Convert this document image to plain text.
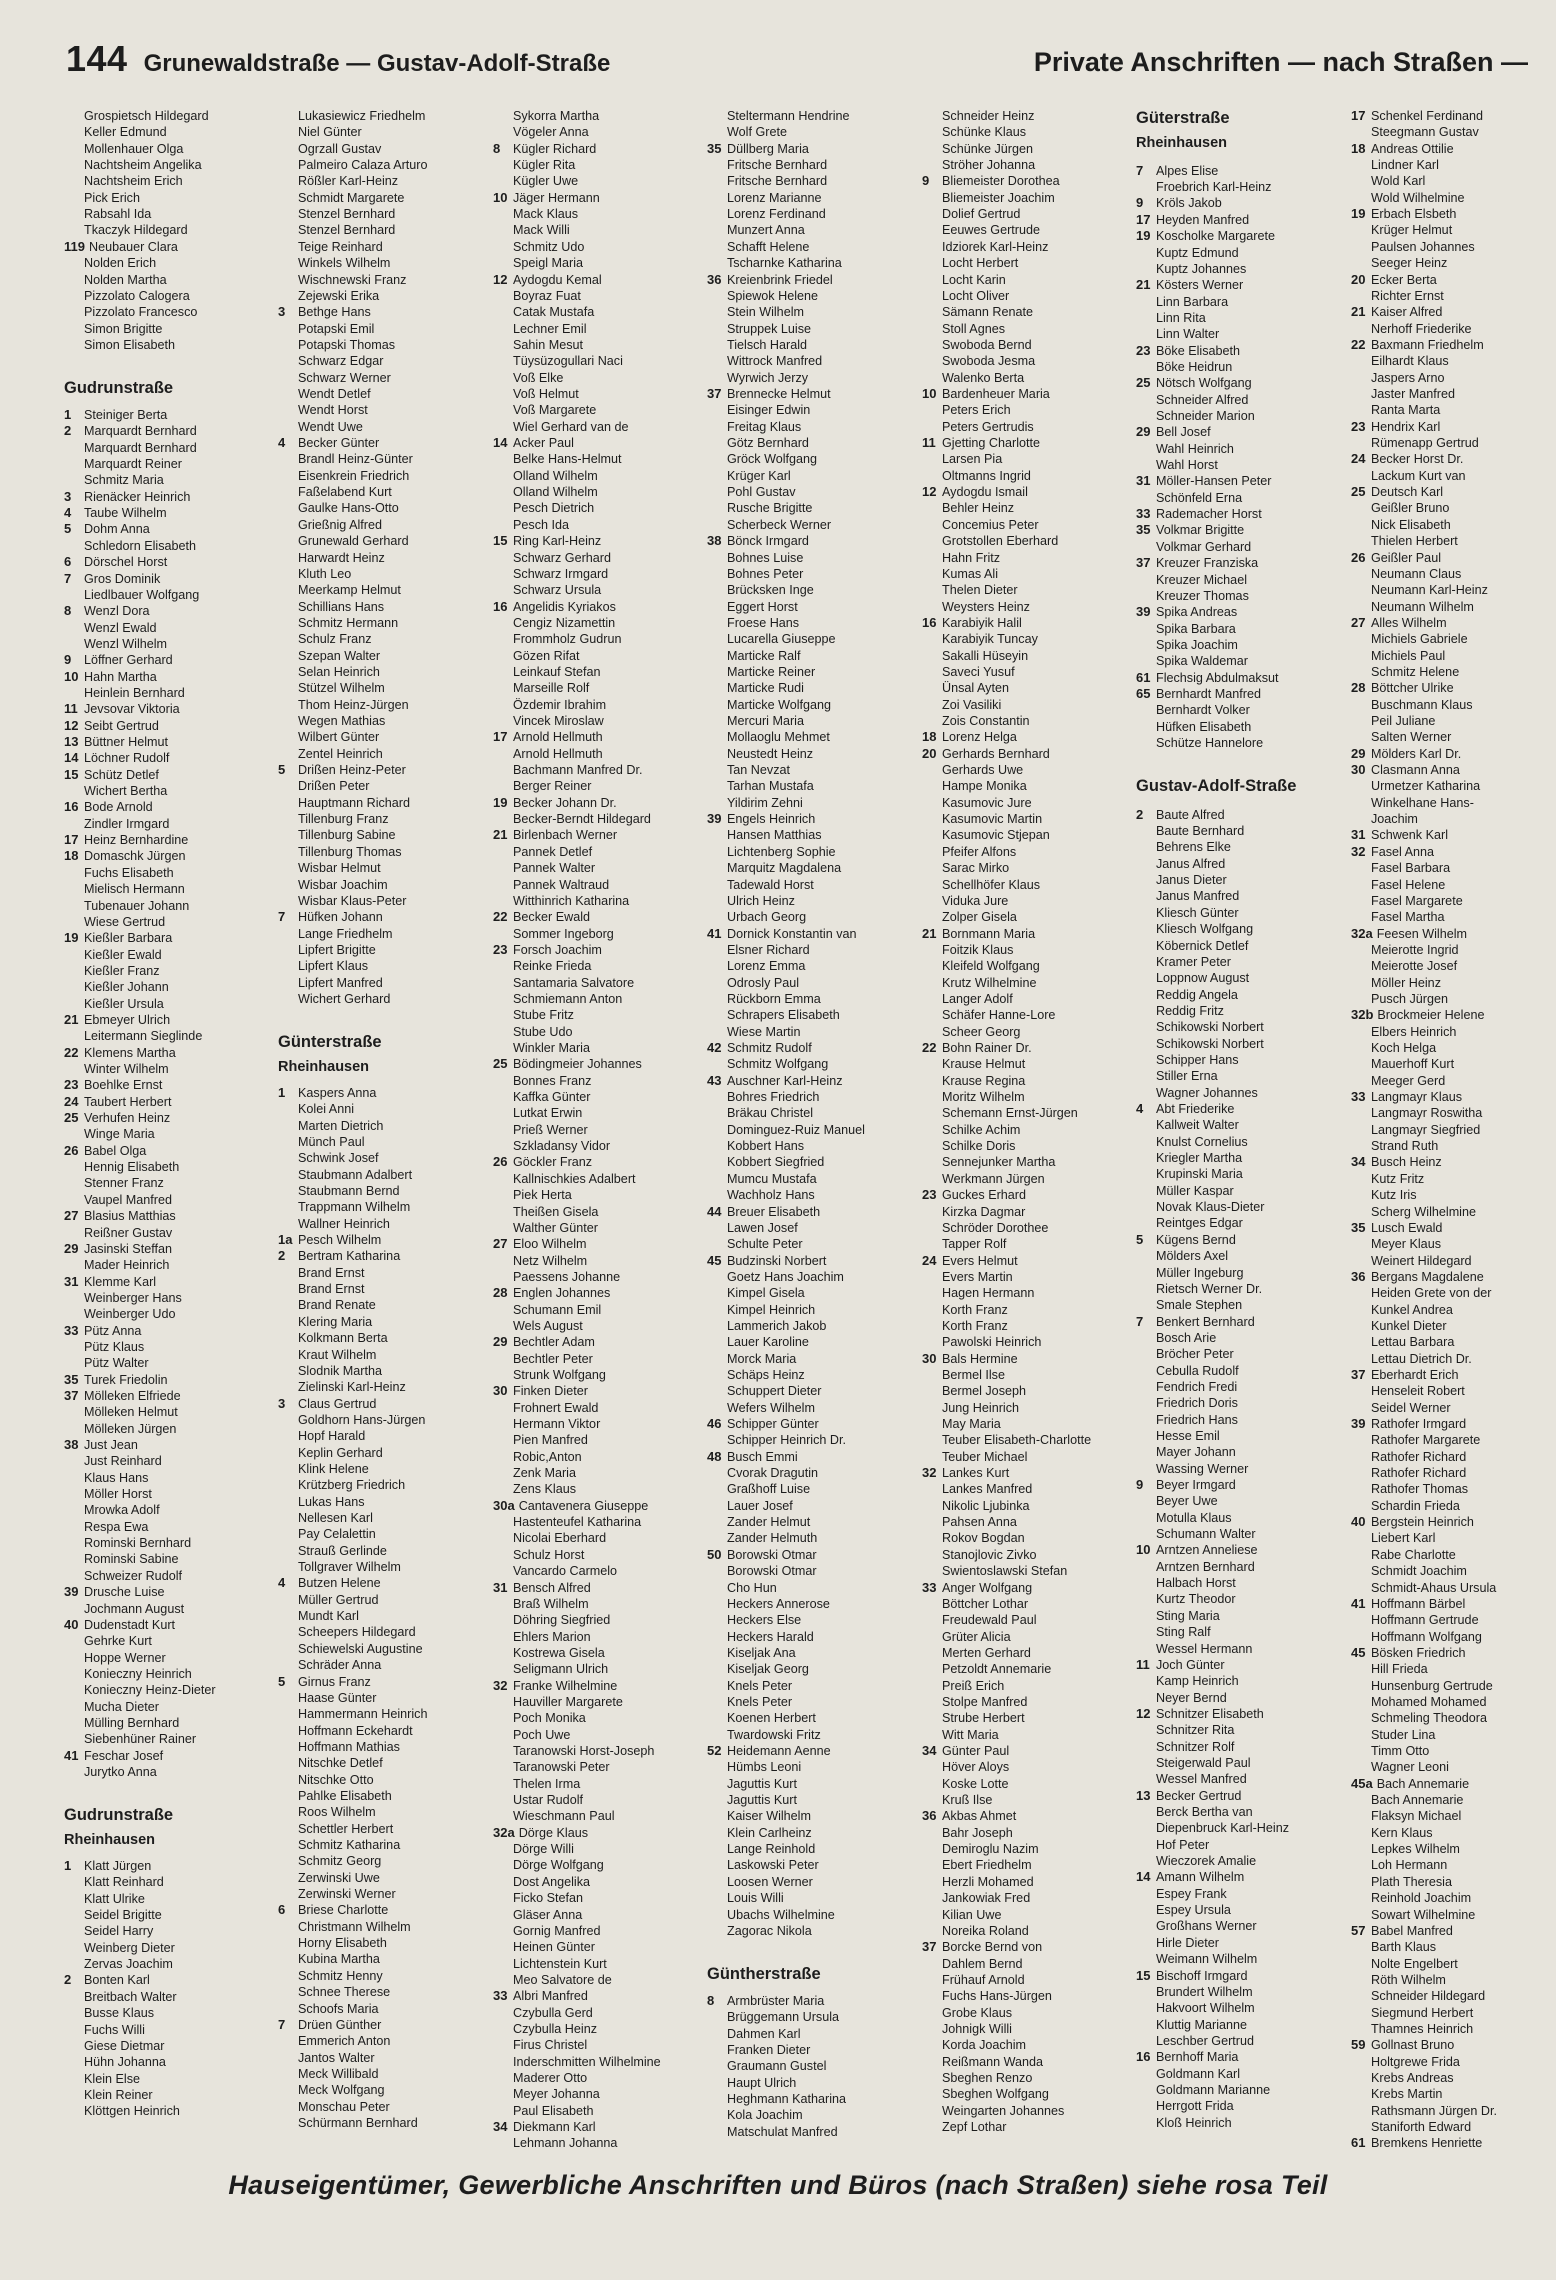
144 Grunewaldstraße — Gustav-Adolf-Straße	Private Anschriften — nach Straßen —
Grospietsch Hildegard
Keller Edmund
Mollenhauer Olga
Nachtsheim Angelika
Nachtsheim Erich
Pick Erich
Rabsahl Ida
Tkaczyk Hildegard
119 Neubauer Clara
Nolden Erich
Nolden Martha
Pizzolato Calogera
Pizzolato Francesco
Simon Brigitte
Simon Elisabeth
Gudrunstraße
1 Steiniger Berta
2 Marquardt Bernhard
Marquardt Bernhard
Marquardt Reiner
Schmitz Maria
3 Rienäcker Heinrich
4 Taube Wilhelm
5 Dohm Anna
Schledorn Elisabeth
6 Dörschel Horst
7 Gros Dominik
Liedlbauer Wolfgang
8 Wenzl Dora
Wenzl Ewald
Wenzl Wilhelm
9 Löffner Gerhard
10 Hahn Martha
Heinlein Bernhard
11 Jevsovar Viktoria
12 Seibt Gertrud
13 Büttner Helmut
14 Löchner Rudolf
15 Schütz Detlef
Wichert Bertha
16 Bode Arnold
Zindler Irmgard
17 Heinz Bernhardine
18 Domaschk Jürgen
Fuchs Elisabeth
Mielisch Hermann
Tubenauer Johann
Wiese Gertrud
19 Kießler Barbara
Kießler Ewald
Kießler Franz
Kießler Johann
Kießler Ursula
21 Ebmeyer Ulrich
Leitermann Sieglinde
22 Klemens Martha
Winter Wilhelm
23 Boehlke Ernst
24 Taubert Herbert
25 Verhufen Heinz
Winge Maria
26 Babel Olga
Hennig Elisabeth
Stenner Franz
Vaupel Manfred
27 Blasius Matthias
Reißner Gustav
29 Jasinski Steffan
Mader Heinrich
31 Klemme Karl
Weinberger Hans
Weinberger Udo
33 Pütz Anna
Pütz Klaus
Pütz Walter
35 Turek Friedolin
37 Mölleken Elfriede
Mölleken Helmut
Mölleken Jürgen
38 Just Jean
Just Reinhard
Klaus Hans
Möller Horst
Mrowka Adolf
Respa Ewa
Rominski Bernhard
Rominski Sabine
Schweizer Rudolf
39 Drusche Luise
Jochmann August
40 Dudenstadt Kurt
Gehrke Kurt
Hoppe Werner
Konieczny Heinrich
Konieczny Heinz-Dieter
Mucha Dieter
Mülling Bernhard
Siebenhüner Rainer
41 Feschar Josef
Jurytko Anna
Gudrunstraße
Rheinhausen
1 Klatt Jürgen
Klatt Reinhard
Klatt Ulrike
Seidel Brigitte
Seidel Harry
Weinberg Dieter
Zervas Joachim
2 Bonten Karl
Breitbach Walter
Busse Klaus
Fuchs Willi
Giese Dietmar
Hühn Johanna
Klein Else
Klein Reiner
Klöttgen Heinrich
Lukasiewicz Friedhelm
Niel Günter
Ogrzall Gustav
Palmeiro Calaza Arturo
Rößler Karl-Heinz
Schmidt Margarete
Stenzel Bernhard
Stenzel Bernhard
Teige Reinhard
Winkels Wilhelm
Wischnewski Franz
Zejewski Erika
3 Bethge Hans
Potapski Emil
Potapski Thomas
Schwarz Edgar
Schwarz Werner
Wendt Detlef
Wendt Horst
Wendt Uwe
4 Becker Günter
Brandl Heinz-Günter
Eisenkrein Friedrich
Faßelabend Kurt
Gaulke Hans-Otto
Grießnig Alfred
Grunewald Gerhard
Harwardt Heinz
Kluth Leo
Meerkamp Helmut
Schillians Hans
Schmitz Hermann
Schulz Franz
Szepan Walter
Selan Heinrich
Stützel Wilhelm
Thom Heinz-Jürgen
Wegen Mathias
Wilbert Günter
Zentel Heinrich
5 Drißen Heinz-Peter
Drißen Peter
Hauptmann Richard
Tillenburg Franz
Tillenburg Sabine
Tillenburg Thomas
Wisbar Helmut
Wisbar Joachim
Wisbar Klaus-Peter
7 Hüfken Johann
Lange Friedhelm
Lipfert Brigitte
Lipfert Klaus
Lipfert Manfred
Wichert Gerhard
Günterstraße
Rheinhausen
1 Kaspers Anna
Kolei Anni
Marten Dietrich
Münch Paul
Schwink Josef
Staubmann Adalbert
Staubmann Bernd
Trappmann Wilhelm
Wallner Heinrich
1a Pesch Wilhelm
2 Bertram Katharina
Brand Ernst
Brand Ernst
Brand Renate
Klering Maria
Kolkmann Berta
Kraut Wilhelm
Slodnik Martha
Zielinski Karl-Heinz
3 Claus Gertrud
Goldhorn Hans-Jürgen
Hopf Harald
Keplin Gerhard
Klink Helene
Krützberg Friedrich
Lukas Hans
Nellesen Karl
Pay Celalettin
Strauß Gerlinde
Tollgraver Wilhelm
4 Butzen Helene
Müller Gertrud
Mundt Karl
Scheepers Hildegard
Schiewelski Augustine
Schräder Anna
5 Girnus Franz
Haase Günter
Hammermann Heinrich
Hoffmann Eckehardt
Hoffmann Mathias
Nitschke Detlef
Nitschke Otto
Pahlke Elisabeth
Roos Wilhelm
Schettler Herbert
Schmitz Katharina
Schmitz Georg
Zerwinski Uwe
Zerwinski Werner
6 Briese Charlotte
Christmann Wilhelm
Horny Elisabeth
Kubina Martha
Schmitz Henny
Schnee Therese
Schoofs Maria
7 Drüen Günther
Emmerich Anton
Jantos Walter
Meck Willibald
Meck Wolfgang
Monschau Peter
Schürmann Bernhard
Sykorra Martha
Vögeler Anna
8 Kügler Richard
Kügler Rita
Kügler Uwe
10 Jäger Hermann
Mack Klaus
Mack Willi
Schmitz Udo
Speigl Maria
12 Aydogdu Kemal
Boyraz Fuat
Catak Mustafa
Lechner Emil
Sahin Mesut
Tüysüzogullari Naci
Voß Elke
Voß Helmut
Voß Margarete
Wiel Gerhard van de
14 Acker Paul
Belke Hans-Helmut
Olland Wilhelm
Olland Wilhelm
Pesch Dietrich
Pesch Ida
15 Ring Karl-Heinz
Schwarz Gerhard
Schwarz Irmgard
Schwarz Ursula
16 Angelidis Kyriakos
Cengiz Nizamettin
Frommholz Gudrun
Gözen Rifat
Leinkauf Stefan
Marseille Rolf
Özdemir Ibrahim
Vincek Miroslaw
17 Arnold Hellmuth
Arnold Hellmuth
Bachmann Manfred Dr.
Berger Reiner
19 Becker Johann Dr.
Becker-Berndt Hildegard
21 Birlenbach Werner
Pannek Detlef
Pannek Walter
Pannek Waltraud
Witthinrich Katharina
22 Becker Ewald
Sommer Ingeborg
23 Forsch Joachim
Reinke Frieda
Santamaria Salvatore
Schmiemann Anton
Stube Fritz
Stube Udo
Winkler Maria
25 Bödingmeier Johannes
Bonnes Franz
Kaffka Günter
Lutkat Erwin
Prieß Werner
Szkladansy Vidor
26 Göckler Franz
Kallnischkies Adalbert
Piek Herta
Theißen Gisela
Walther Günter
27 Eloo Wilhelm
Netz Wilhelm
Paessens Johanne
28 Englen Johannes
Schumann Emil
Wels August
29 Bechtler Adam
Bechtler Peter
Strunk Wolfgang
30 Finken Dieter
Frohnert Ewald
Hermann Viktor
Pien Manfred
Robic,Anton
Zenk Maria
Zens Klaus
30a Cantavenera Giuseppe
Hastenteufel Katharina
Nicolai Eberhard
Schulz Horst
Vancardo Carmelo
31 Bensch Alfred
Braß Wilhelm
Döhring Siegfried
Ehlers Marion
Kostrewa Gisela
Seligmann Ulrich
32 Franke Wilhelmine
Hauviller Margarete
Poch Monika
Poch Uwe
Taranowski Horst-Joseph
Taranowski Peter
Thelen Irma
Ustar Rudolf
Wieschmann Paul
32a Dörge Klaus
Dörge Willi
Dörge Wolfgang
Dost Angelika
Ficko Stefan
Gläser Anna
Gornig Manfred
Heinen Günter
Lichtenstein Kurt
Meo Salvatore de
33 Albri Manfred
Czybulla Gerd
Czybulla Heinz
Firus Christel
Inderschmitten Wilhelmine
Maderer Otto
Meyer Johanna
Paul Elisabeth
34 Diekmann Karl
Lehmann Johanna
Steltermann Hendrine
Wolf Grete
35 Düllberg Maria
Fritsche Bernhard
Fritsche Bernhard
Lorenz Marianne
Lorenz Ferdinand
Munzert Anna
Schafft Helene
Tscharnke Katharina
36 Kreienbrink Friedel
Spiewok Helene
Stein Wilhelm
Struppek Luise
Tielsch Harald
Wittrock Manfred
Wyrwich Jerzy
37 Brennecke Helmut
Eisinger Edwin
Freitag Klaus
Götz Bernhard
Gröck Wolfgang
Krüger Karl
Pohl Gustav
Rusche Brigitte
Scherbeck Werner
38 Bönck Irmgard
Bohnes Luise
Bohnes Peter
Brücksken Inge
Eggert Horst
Froese Hans
Lucarella Giuseppe
Marticke Ralf
Marticke Reiner
Marticke Rudi
Marticke Wolfgang
Mercuri Maria
Mollaoglu Mehmet
Neustedt Heinz
Tan Nevzat
Tarhan Mustafa
Yildirim Zehni
39 Engels Heinrich
Hansen Matthias
Lichtenberg Sophie
Marquitz Magdalena
Tadewald Horst
Ulrich Heinz
Urbach Georg
41 Dornick Konstantin van
Elsner Richard
Lorenz Emma
Odrosly Paul
Rückborn Emma
Schrapers Elisabeth
Wiese Martin
42 Schmitz Rudolf
Schmitz Wolfgang
43 Auschner Karl-Heinz
Bohres Friedrich
Bräkau Christel
Dominguez-Ruiz Manuel
Kobbert Hans
Kobbert Siegfried
Mumcu Mustafa
Wachholz Hans
44 Breuer Elisabeth
Lawen Josef
Schulte Peter
45 Budzinski Norbert
Goetz Hans Joachim
Kimpel Gisela
Kimpel Heinrich
Lammerich Jakob
Lauer Karoline
Morck Maria
Schäps Heinz
Schuppert Dieter
Wefers Wilhelm
46 Schipper Günter
Schipper Heinrich Dr.
48 Busch Emmi
Cvorak Dragutin
Graßhoff Luise
Lauer Josef
Zander Helmut
Zander Helmuth
50 Borowski Otmar
Borowski Otmar
Cho Hun
Heckers Annerose
Heckers Else
Heckers Harald
Kiseljak Ana
Kiseljak Georg
Knels Peter
Knels Peter
Koenen Herbert
Twardowski Fritz
52 Heidemann Aenne
Hümbs Leoni
Jaguttis Kurt
Jaguttis Kurt
Kaiser Wilhelm
Klein Carlheinz
Lange Reinhold
Laskowski Peter
Loosen Werner
Louis Willi
Ubachs Wilhelmine
Zagorac Nikola
Güntherstraße
8 Armbrüster Maria
Brüggemann Ursula
Dahmen Karl
Franken Dieter
Graumann Gustel
Haupt Ulrich
Heghmann Katharina
Kola Joachim
Matschulat Manfred
Schneider Heinz
Schünke Klaus
Schünke Jürgen
Ströher Johanna
9 Bliemeister Dorothea
Bliemeister Joachim
Dolief Gertrud
Eeuwes Gertrude
Idziorek Karl-Heinz
Locht Herbert
Locht Karin
Locht Oliver
Sämann Renate
Stoll Agnes
Swoboda Bernd
Swoboda Jesma
Walenko Berta
10 Bardenheuer Maria
Peters Erich
Peters Gertrudis
11 Gjetting Charlotte
Larsen Pia
Oltmanns Ingrid
12 Aydogdu Ismail
Behler Heinz
Concemius Peter
Grotstollen Eberhard
Hahn Fritz
Kumas Ali
Thelen Dieter
Weysters Heinz
16 Karabiyik Halil
Karabiyik Tuncay
Sakalli Hüseyin
Saveci Yusuf
Ünsal Ayten
Zoi Vasiliki
Zois Constantin
18 Lorenz Helga
20 Gerhards Bernhard
Gerhards Uwe
Hampe Monika
Kasumovic Jure
Kasumovic Martin
Kasumovic Stjepan
Pfeifer Alfons
Sarac Mirko
Schellhöfer Klaus
Viduka Jure
Zolper Gisela
21 Bornmann Maria
Foitzik Klaus
Kleifeld Wolfgang
Krutz Wilhelmine
Langer Adolf
Schäfer Hanne-Lore
Scheer Georg
22 Bohn Rainer Dr.
Krause Helmut
Krause Regina
Moritz Wilhelm
Schemann Ernst-Jürgen
Schilke Achim
Schilke Doris
Sennejunker Martha
Werkmann Jürgen
23 Guckes Erhard
Kirzka Dagmar
Schröder Dorothee
Tapper Rolf
24 Evers Helmut
Evers Martin
Hagen Hermann
Korth Franz
Korth Franz
Pawolski Heinrich
30 Bals Hermine
Bermel Ilse
Bermel Joseph
Jung Heinrich
May Maria
Teuber Elisabeth-Charlotte
Teuber Michael
32 Lankes Kurt
Lankes Manfred
Nikolic Ljubinka
Pahsen Anna
Rokov Bogdan
Stanojlovic Zivko
Swientoslawski Stefan
33 Anger Wolfgang
Böttcher Lothar
Freudewald Paul
Grüter Alicia
Merten Gerhard
Petzoldt Annemarie
Preiß Erich
Stolpe Manfred
Strube Herbert
Witt Maria
34 Günter Paul
Höver Aloys
Koske Lotte
Kruß Ilse
36 Akbas Ahmet
Bahr Joseph
Demiroglu Nazim
Ebert Friedhelm
Herzli Mohamed
Jankowiak Fred
Kilian Uwe
Noreika Roland
37 Borcke Bernd von
Dahlem Bernd
Frühauf Arnold
Fuchs Hans-Jürgen
Grobe Klaus
Johnigk Willi
Korda Joachim
Reißmann Wanda
Sbeghen Renzo
Sbeghen Wolfgang
Weingarten Johannes
Zepf Lothar
Güterstraße
Rheinhausen
7 Alpes Elise
Froebrich Karl-Heinz
9 Kröls Jakob
17 Heyden Manfred
19 Koscholke Margarete
Kuptz Edmund
Kuptz Johannes
21 Kösters Werner
Linn Barbara
Linn Rita
Linn Walter
23 Böke Elisabeth
Böke Heidrun
25 Nötsch Wolfgang
Schneider Alfred
Schneider Marion
29 Bell Josef
Wahl Heinrich
Wahl Horst
31 Möller-Hansen Peter
Schönfeld Erna
33 Rademacher Horst
35 Volkmar Brigitte
Volkmar Gerhard
37 Kreuzer Franziska
Kreuzer Michael
Kreuzer Thomas
39 Spika Andreas
Spika Barbara
Spika Joachim
Spika Waldemar
61 Flechsig Abdulmaksut
65 Bernhardt Manfred
Bernhardt Volker
Hüfken Elisabeth
Schütze Hannelore
Gustav-Adolf-Straße
2 Baute Alfred
Baute Bernhard
Behrens Elke
Janus Alfred
Janus Dieter
Janus Manfred
Kliesch Günter
Kliesch Wolfgang
Köbernick Detlef
Kramer Peter
Loppnow August
Reddig Angela
Reddig Fritz
Schikowski Norbert
Schikowski Norbert
Schipper Hans
Stiller Erna
Wagner Johannes
4 Abt Friederike
Kallweit Walter
Knulst Cornelius
Kriegler Martha
Krupinski Maria
Müller Kaspar
Novak Klaus-Dieter
Reintges Edgar
5 Kügens Bernd
Mölders Axel
Müller Ingeburg
Rietsch Werner Dr.
Smale Stephen
7 Benkert Bernhard
Bosch Arie
Bröcher Peter
Cebulla Rudolf
Fendrich Fredi
Friedrich Doris
Friedrich Hans
Hesse Emil
Mayer Johann
Wassing Werner
9 Beyer Irmgard
Beyer Uwe
Motulla Klaus
Schumann Walter
10 Arntzen Anneliese
Arntzen Bernhard
Halbach Horst
Kurtz Theodor
Sting Maria
Sting Ralf
Wessel Hermann
11 Joch Günter
Kamp Heinrich
Neyer Bernd
12 Schnitzer Elisabeth
Schnitzer Rita
Schnitzer Rolf
Steigerwald Paul
Wessel Manfred
13 Becker Gertrud
Berck Bertha van
Diepenbruck Karl-Heinz
Hof Peter
Wieczorek Amalie
14 Amann Wilhelm
Espey Frank
Espey Ursula
Großhans Werner
Hirle Dieter
Weimann Wilhelm
15 Bischoff Irmgard
Brundert Wilhelm
Hakvoort Wilhelm
Kluttig Marianne
Leschber Gertrud
16 Bernhoff Maria
Goldmann Karl
Goldmann Marianne
Herrgott Frida
Kloß Heinrich
17 Schenkel Ferdinand
Steegmann Gustav
18 Andreas Ottilie
Lindner Karl
Wold Karl
Wold Wilhelmine
19 Erbach Elsbeth
Krüger Helmut
Paulsen Johannes
Seeger Heinz
20 Ecker Berta
Richter Ernst
21 Kaiser Alfred
Nerhoff Friederike
22 Baxmann Friedhelm
Eilhardt Klaus
Jaspers Arno
Jaster Manfred
Ranta Marta
23 Hendrix Karl
Rümenapp Gertrud
24 Becker Horst Dr.
Lackum Kurt van
25 Deutsch Karl
Geißler Bruno
Nick Elisabeth
Thielen Herbert
26 Geißler Paul
Neumann Claus
Neumann Karl-Heinz
Neumann Wilhelm
27 Alles Wilhelm
Michiels Gabriele
Michiels Paul
Schmitz Helene
28 Böttcher Ulrike
Buschmann Klaus
Peil Juliane
Salten Werner
29 Mölders Karl Dr.
30 Clasmann Anna
Urmetzer Katharina
Winkelhane Hans-
Joachim
31 Schwenk Karl
32 Fasel Anna
Fasel Barbara
Fasel Helene
Fasel Margarete
Fasel Martha
32a Feesen Wilhelm
Meierotte Ingrid
Meierotte Josef
Möller Heinz
Pusch Jürgen
32b Brockmeier Helene
Elbers Heinrich
Koch Helga
Mauerhoff Kurt
Meeger Gerd
33 Langmayr Klaus
Langmayr Roswitha
Langmayr Siegfried
Strand Ruth
34 Busch Heinz
Kutz Fritz
Kutz Iris
Scherg Wilhelmine
35 Lusch Ewald
Meyer Klaus
Weinert Hildegard
36 Bergans Magdalene
Heiden Grete von der
Kunkel Andrea
Kunkel Dieter
Lettau Barbara
Lettau Dietrich Dr.
37 Eberhardt Erich
Henseleit Robert
Seidel Werner
39 Rathofer Irmgard
Rathofer Margarete
Rathofer Richard
Rathofer Richard
Rathofer Thomas
Schardin Frieda
40 Bergstein Heinrich
Liebert Karl
Rabe Charlotte
Schmidt Joachim
Schmidt-Ahaus Ursula
41 Hoffmann Bärbel
Hoffmann Gertrude
Hoffmann Wolfgang
45 Bösken Friedrich
Hill Frieda
Hunsenburg Gertrude
Mohamed Mohamed
Schmeling Theodora
Studer Lina
Timm Otto
Wagner Leoni
45a Bach Annemarie
Bach Annemarie
Flaksyn Michael
Kern Klaus
Lepkes Wilhelm
Loh Hermann
Plath Theresia
Reinhold Joachim
Sowart Wilhelmine
57 Babel Manfred
Barth Klaus
Nolte Engelbert
Röth Wilhelm
Schneider Hildegard
Siegmund Herbert
Thamnes Heinrich
59 Gollnast Bruno
Holtgrewe Frida
Krebs Andreas
Krebs Martin
Rathsmann Jürgen Dr.
Staniforth Edward
61 Bremkens Henriette
Hauseigentümer, Gewerbliche Anschriften und Büros (nach Straßen) siehe rosa Teil
